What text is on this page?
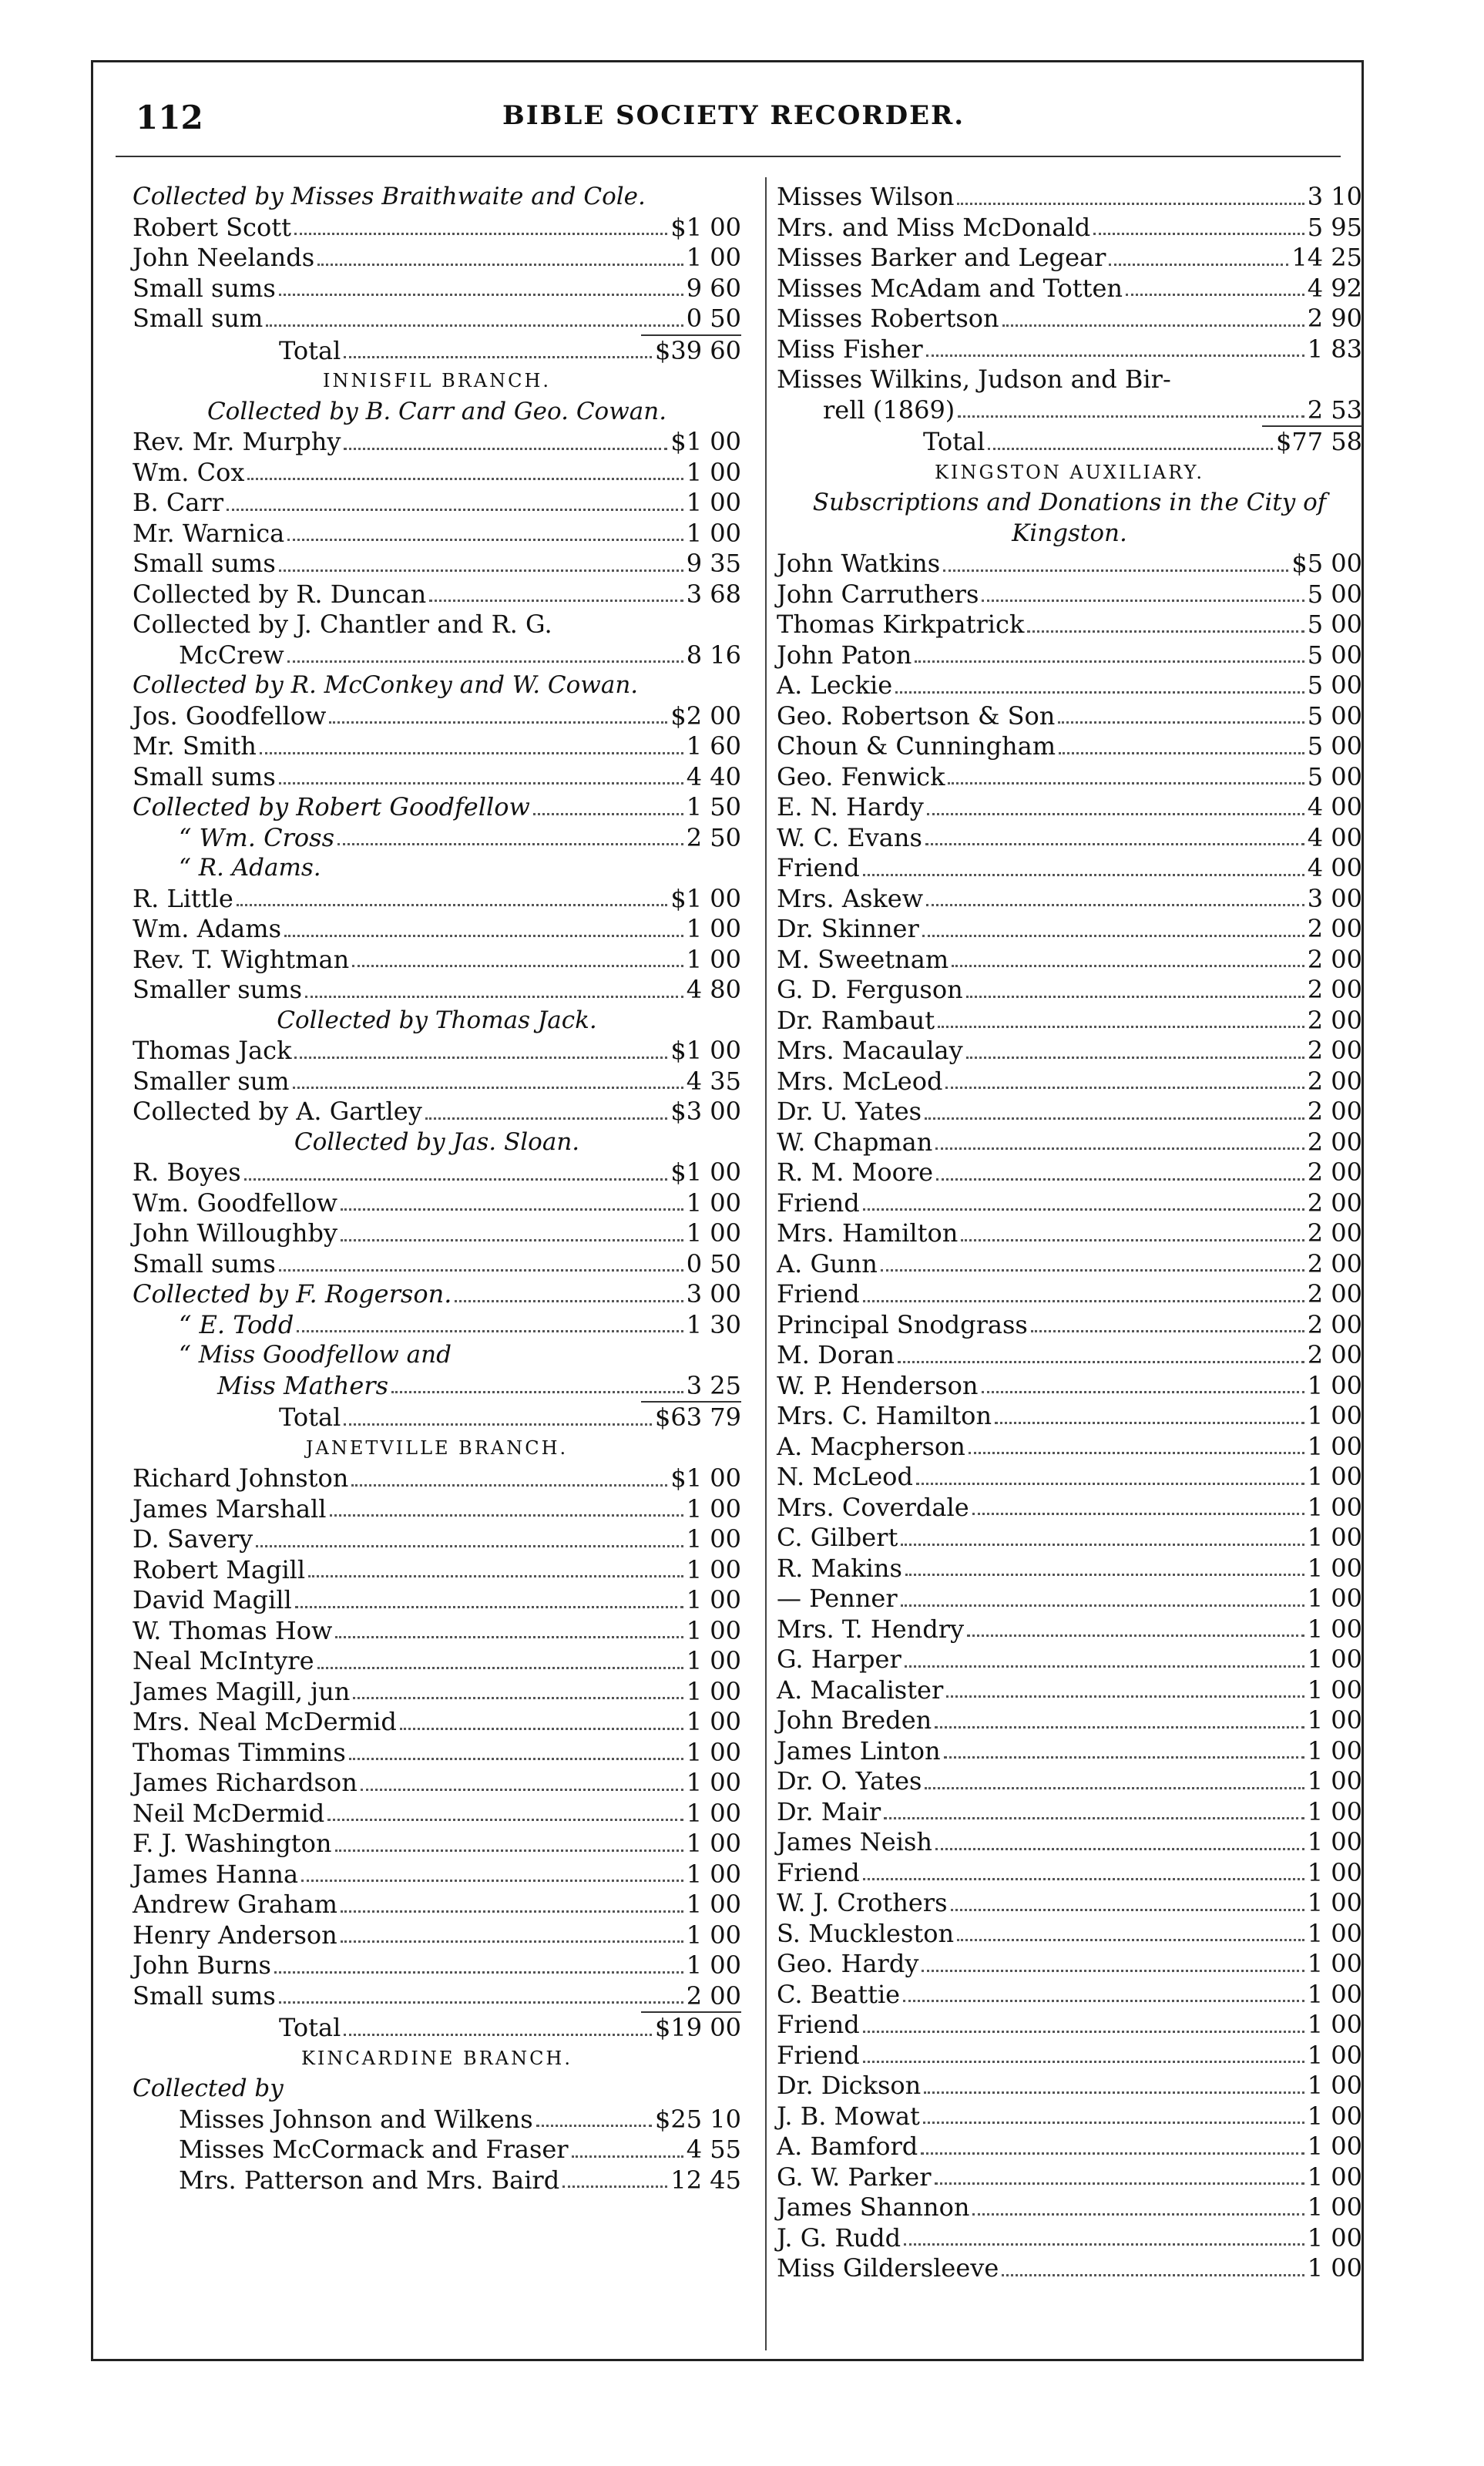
112	BIBLE SOCIETY RECORDER.
Collected by Misses Braithwaite and Cole.
Robert Scott	$1 00
John Neelands	1 00
Small sums	9 60
Small sum	0 50
Total	$39 60
INNISFIL BRANCH.
Collected by B. Carr and Geo. Cowan.
Rev. Mr. Murphy	$1 00
Wm. Cox	1 00
B. Carr	1 00
Mr. Warnica	1 00
Small sums	9 35
Collected by R. Duncan	3 68
Collected by J. Chantler and R. G.
McCrew	8 16
Collected by R. McConkey and W. Cowan.
Jos. Goodfellow	$2 00
Mr. Smith	1 60
Small sums	4 40
Collected by Robert Goodfellow	1 50
“ Wm. Cross	2 50
“ R. Adams.
R. Little	$1 00
Wm. Adams	1 00
Rev. T. Wightman	1 00
Smaller sums	4 80
Collected by Thomas Jack.
Thomas Jack	$1 00
Smaller sum	4 35
Collected by A. Gartley	$3 00
Collected by Jas. Sloan.
R. Boyes	$1 00
Wm. Goodfellow	1 00
John Willoughby	1 00
Small sums	0 50
Collected by F. Rogerson.	3 00
“ E. Todd	1 30
“ Miss Goodfellow and
Miss Mathers	3 25
Total	$63 79
JANETVILLE BRANCH.
Richard Johnston	$1 00
James Marshall	1 00
D. Savery	1 00
Robert Magill	1 00
David Magill	1 00
W. Thomas How	1 00
Neal McIntyre	1 00
James Magill, jun	1 00
Mrs. Neal McDermid	1 00
Thomas Timmins	1 00
James Richardson	1 00
Neil McDermid	1 00
F. J. Washington	1 00
James Hanna	1 00
Andrew Graham	1 00
Henry Anderson	1 00
John Burns	1 00
Small sums	2 00
Total	$19 00
KINCARDINE BRANCH.
Collected by
Misses Johnson and Wilkens	$25 10
Misses McCormack and Fraser	4 55
Mrs. Patterson and Mrs. Baird	12 45
Misses Wilson	3 10
Mrs. and Miss McDonald	5 95
Misses Barker and Legear	14 25
Misses McAdam and Totten	4 92
Misses Robertson	2 90
Miss Fisher	1 83
Misses Wilkins, Judson and Bir-
rell (1869)	2 53
Total	$77 58
KINGSTON AUXILIARY.
Subscriptions and Donations in the City of
Kingston.
John Watkins	$5 00
John Carruthers	5 00
Thomas Kirkpatrick	5 00
John Paton	5 00
A. Leckie	5 00
Geo. Robertson & Son	5 00
Choun & Cunningham	5 00
Geo. Fenwick	5 00
E. N. Hardy	4 00
W. C. Evans	4 00
Friend	4 00
Mrs. Askew	3 00
Dr. Skinner	2 00
M. Sweetnam	2 00
G. D. Ferguson	2 00
Dr. Rambaut	2 00
Mrs. Macaulay	2 00
Mrs. McLeod	2 00
Dr. U. Yates	2 00
W. Chapman	2 00
R. M. Moore	2 00
Friend	2 00
Mrs. Hamilton	2 00
A. Gunn	2 00
Friend	2 00
Principal Snodgrass	2 00
M. Doran	2 00
W. P. Henderson	1 00
Mrs. C. Hamilton	1 00
A. Macpherson	1 00
N. McLeod	1 00
Mrs. Coverdale	1 00
C. Gilbert	1 00
R. Makins	1 00
— Penner	1 00
Mrs. T. Hendry	1 00
G. Harper	1 00
A. Macalister	1 00
John Breden	1 00
James Linton	1 00
Dr. O. Yates	1 00
Dr. Mair	1 00
James Neish	1 00
Friend	1 00
W. J. Crothers	1 00
S. Muckleston	1 00
Geo. Hardy	1 00
C. Beattie	1 00
Friend	1 00
Friend	1 00
Dr. Dickson	1 00
J. B. Mowat	1 00
A. Bamford	1 00
G. W. Parker	1 00
James Shannon	1 00
J. G. Rudd	1 00
Miss Gildersleeve	1 00
